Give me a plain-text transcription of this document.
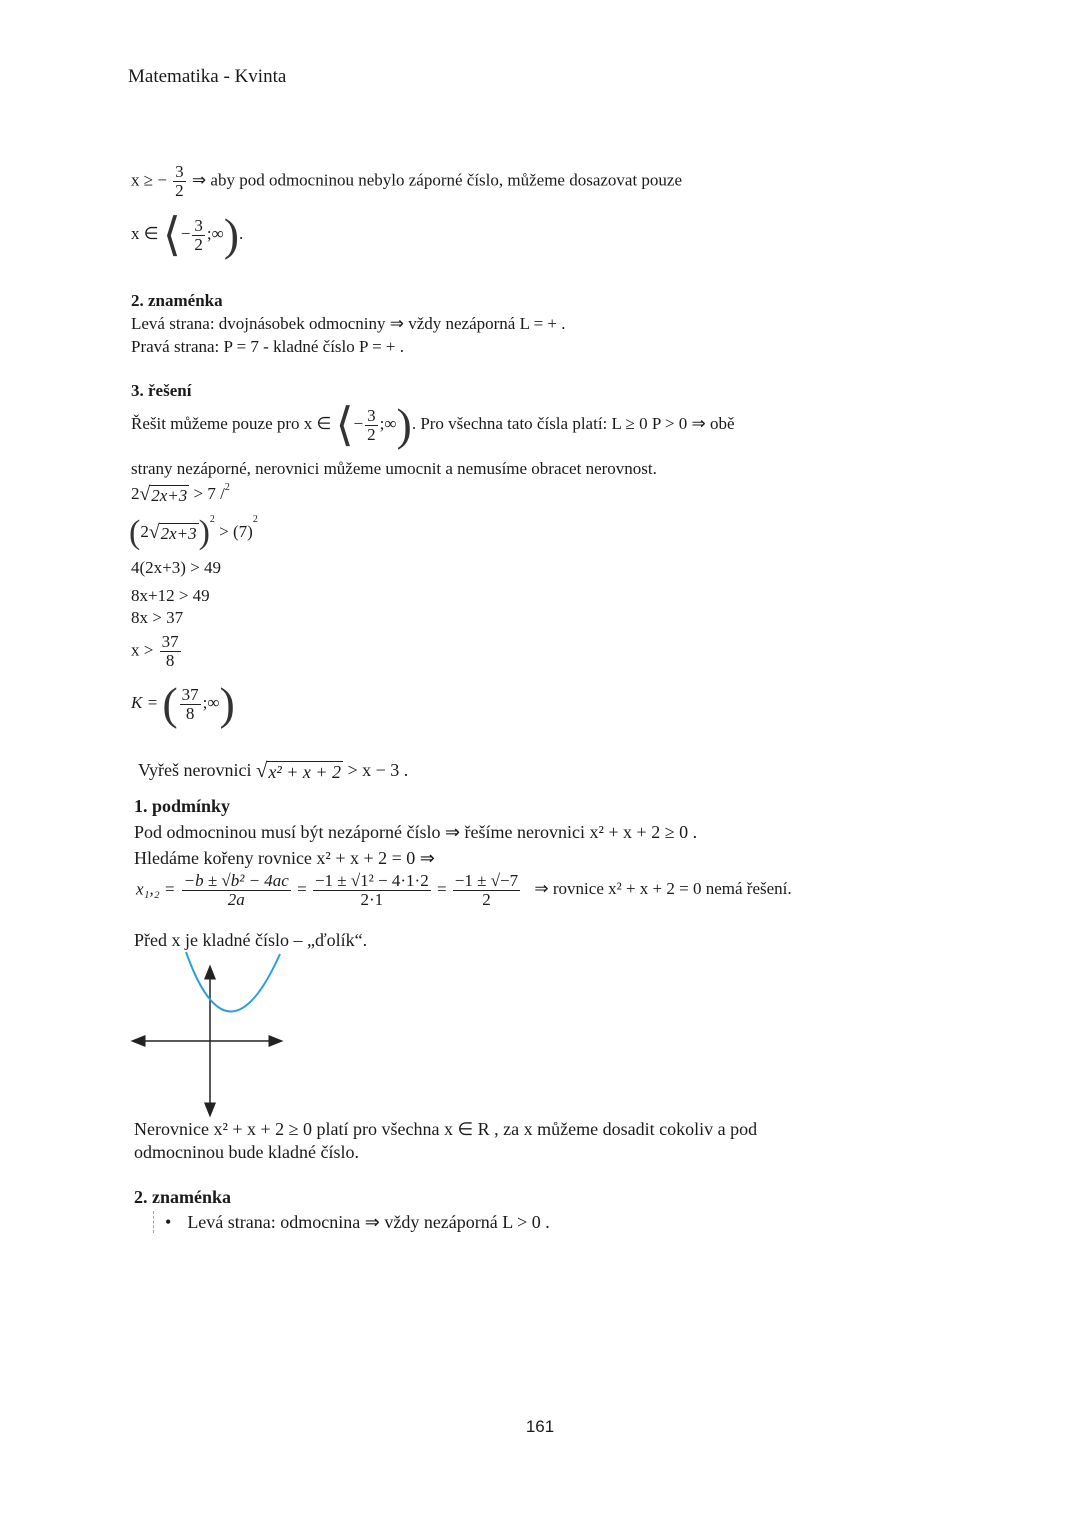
Matematika - Kvinta
x ≥ − $\frac{3}{2}$ ⇒ aby pod odmocninou nebylo záporné číslo, můžeme dosazovat pouze
x ∈ ⟨− $\frac{3}{2}$ ;∞).
2. znaménka
Levá strana: dvojnásobek odmocniny ⇒ vždy nezáporná L = + .
Pravá strana: P = 7 - kladné číslo P = + .
3. řešení
Řešit můžeme pouze pro x ∈ ⟨− $\frac{3}{2}$ ;∞). Pro všechna tato čísla platí: L ≥ 0 P > 0 ⇒ obě
strany nezáporné, nerovnici můžeme umocnit a nemusíme obracet nerovnost.
2 √ 2x+3 > 7 /$^2$
(2 √ 2x+3 )$^2 > (7)^2$
4(2x+3) > 49
8x+12 > 49
8x > 37
$x > \frac{37}{8}$
K = ( $\frac{37}{8}$ ;∞)
Vyřeš nerovnici √ x² + x + 2 > x − 3 .
1. podmínky
Pod odmocninou musí být nezáporné číslo ⇒ řešíme nerovnici x² + x + 2 ≥ 0 .
Hledáme kořeny rovnice x² + x + 2 = 0 ⇒
$x_1,_2 = \frac{\text{−b ± √b² − 4ac}}{2a} = \frac{\text{−1 ± √1² − 4·1·2}}{2\cdot 1} = \frac{-1 \pm √-7}{2}$ ⇒ rovnice x² + x + 2 = 0 nemá řešení.
Před x je kladné číslo – „ďolík“.
Nerovnice x² + x + 2 ≥ 0 platí pro všechna x ∈ R , za x můžeme dosadit cokoliv a pod
odmocninou bude kladné číslo.
2. znaménka
• Levá strana: odmocnina ⇒ vždy nezáporná L > 0 .
161
